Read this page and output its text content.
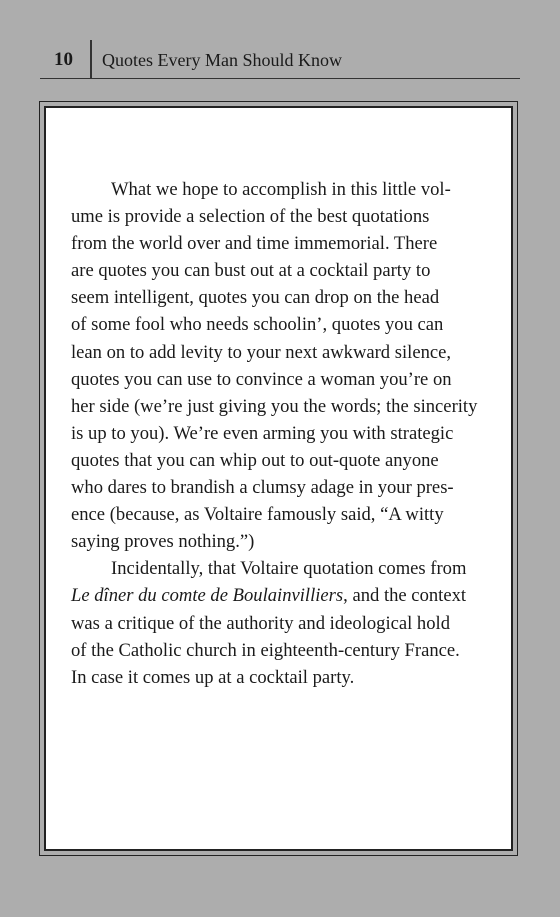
10 Quotes Every Man Should Know

What we hope to accomplish in this little vol-
ume is provide a selection of the best quotations
from the world over and time immemorial. There
are quotes you can bust out at a cocktail party to
seem intelligent, quotes you can drop on the head
of some fool who needs schoolin’, quotes you can
lean on to add levity to your next awkward silence,
quotes you can use to convince a woman you’re on
her side (we’re just giving you the words; the sincerity
is up to you). We’re even arming you with strategic
quotes that you can whip out to out-quote anyone
who dares to brandish a clumsy adage in your pres-
ence (because, as Voltaire famously said, “A witty
saying proves nothing.”)

Incidentally, that Voltaire quotation comes from
Le dîner du comte de Boulainvilliers, and the context
was a critique of the authority and ideological hold
of the Catholic church in eighteenth-century France.
In case it comes up at a cocktail party.
